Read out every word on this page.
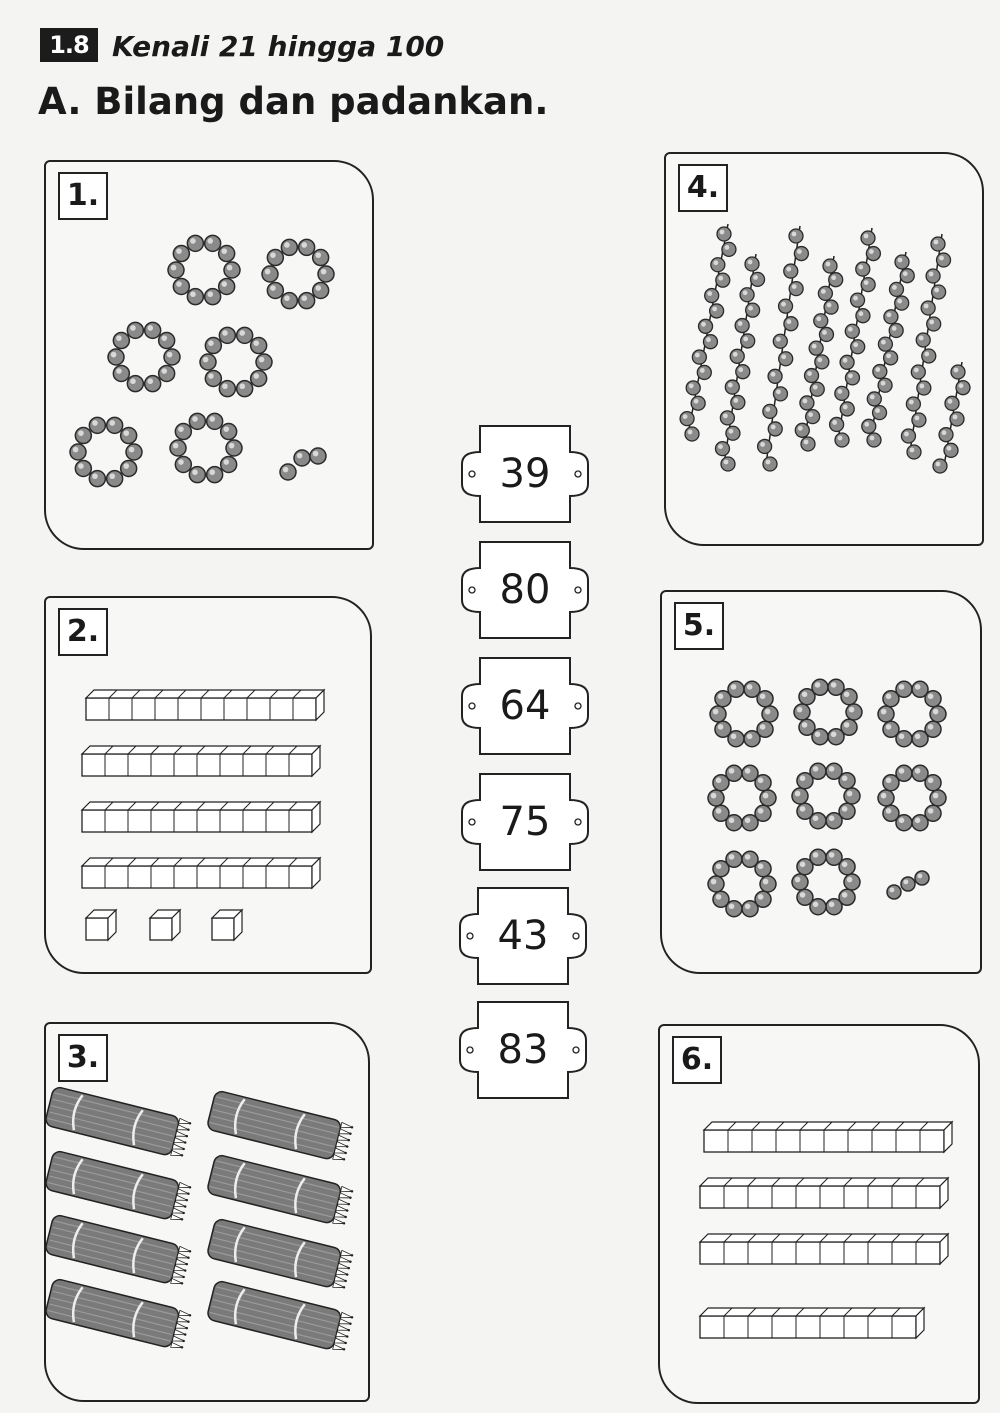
1.8 Kenali 21 hingga 100
A. Bilang dan padankan.
1.
2.
3.
4.
5.
6.
39
80
64
75
43
83
